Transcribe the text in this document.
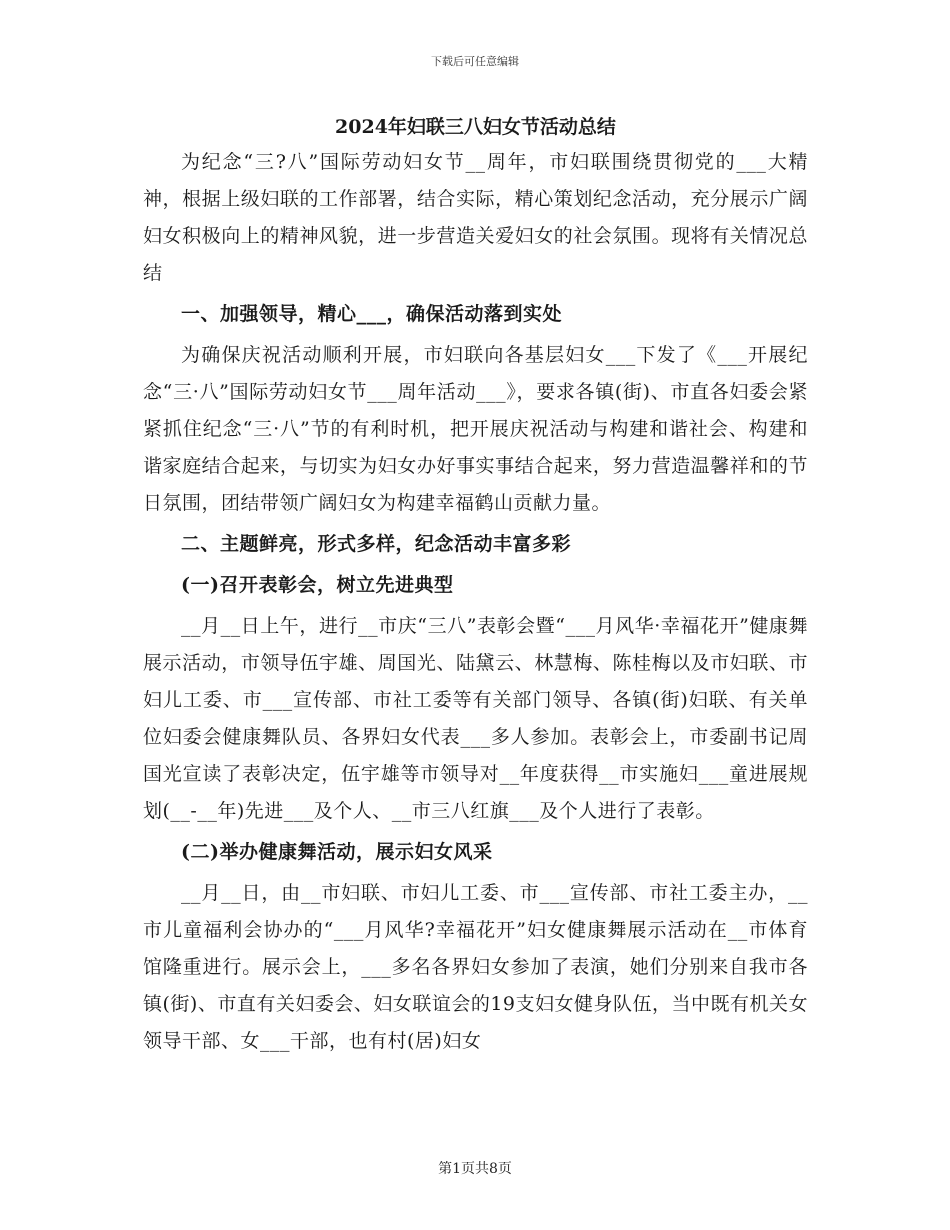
下载后可任意编辑
2024年妇联三八妇女节活动总结

为纪念“三?八”国际劳动妇女节__周年，市妇联围绕贯彻党的___大精神，根据上级妇联的工作部署，结合实际，精心策划纪念活动，充分展示广阔妇女积极向上的精神风貌，进一步营造关爱妇女的社会氛围。现将有关情况总结

一、加强领导，精心___，确保活动落到实处

为确保庆祝活动顺利开展，市妇联向各基层妇女___下发了《___开展纪念“三·八”国际劳动妇女节___周年活动___》，要求各镇(街)、市直各妇委会紧紧抓住纪念“三·八”节的有利时机，把开展庆祝活动与构建和谐社会、构建和谐家庭结合起来，与切实为妇女办好事实事结合起来，努力营造温馨祥和的节日氛围，团结带领广阔妇女为构建幸福鹤山贡献力量。

二、主题鲜亮，形式多样，纪念活动丰富多彩

(一)召开表彰会，树立先进典型

__月__日上午，进行__市庆“三八”表彰会暨“___月风华·幸福花开”健康舞展示活动，市领导伍宇雄、周国光、陆黛云、林慧梅、陈桂梅以及市妇联、市妇儿工委、市___宣传部、市社工委等有关部门领导、各镇(街)妇联、有关单位妇委会健康舞队员、各界妇女代表___多人参加。表彰会上，市委副书记周国光宣读了表彰决定，伍宇雄等市领导对__年度获得__市实施妇___童进展规划(__-__年)先进___及个人、__市三八红旗___及个人进行了表彰。

(二)举办健康舞活动，展示妇女风采

__月__日，由__市妇联、市妇儿工委、市___宣传部、市社工委主办，__市儿童福利会协办的“___月风华?幸福花开”妇女健康舞展示活动在__市体育馆隆重进行。展示会上，___多名各界妇女参加了表演，她们分别来自我市各镇(街)、市直有关妇委会、妇女联谊会的19支妇女健身队伍，当中既有机关女领导干部、女___干部，也有村(居)妇女

第1页共8页
